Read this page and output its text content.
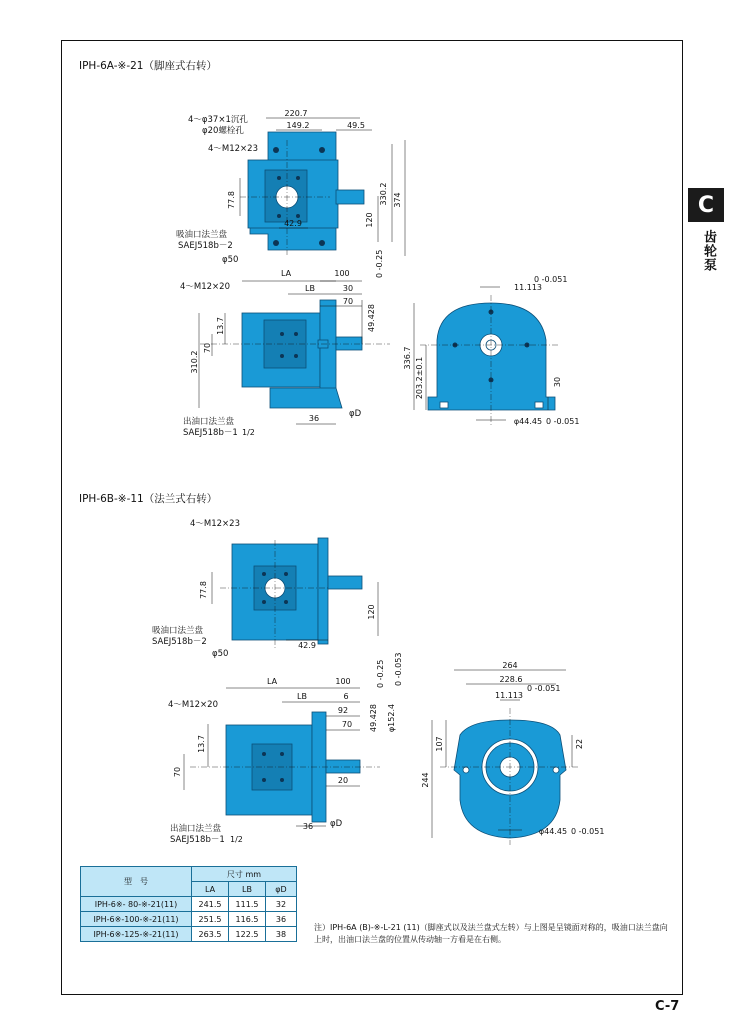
C
齿轮泵
IPH-6A-※-21（脚座式右转）
IPH-6B-※-11（法兰式右转）
220.7
149.2	49.5
77.8
42.9	120
330.2 374
4～φ37×1沉孔
φ20螺栓孔
4～M12×23
吸油口法兰盘
SAEJ518b－2
φ50
LA	100
LB	30
70
49.428
0 -0.25
13.7
70
310.2
36
4～M12×20
出油口法兰盘
SAEJ518b－1 1/2
φD
11.113
0 -0.051
336.7 203.2±0.1	30
φ44.45 0 -0.051
77.8
120
42.9
4～M12×23
吸油口法兰盘
SAEJ518b－2
φ50
LA	100
LB	6
92
70 49.428
0 -0.25
φ152.4
0 -0.053
13.7
70
20
36
4～M12×20
出油口法兰盘
SAEJ518b－1 1/2
φD
264
228.6
11.113
0 -0.051
107	22
244
φ44.45 0 -0.051
型　号	尺寸 mm		
	LA	LB	φD
IPH-6※- 80-※-21(11)	241.5	111.5	32
IPH-6※-100-※-21(11)	251.5	116.5	36
IPH-6※-125-※-21(11)	263.5	122.5	38
注）IPH-6A (B)-※-L-21 (11)（脚座式以及法兰盘式左转）与上图是呈镜面对称的，吸油口法兰盘向上时，出油口法兰盘的位置从传动轴一方看是在右侧。
C-7
